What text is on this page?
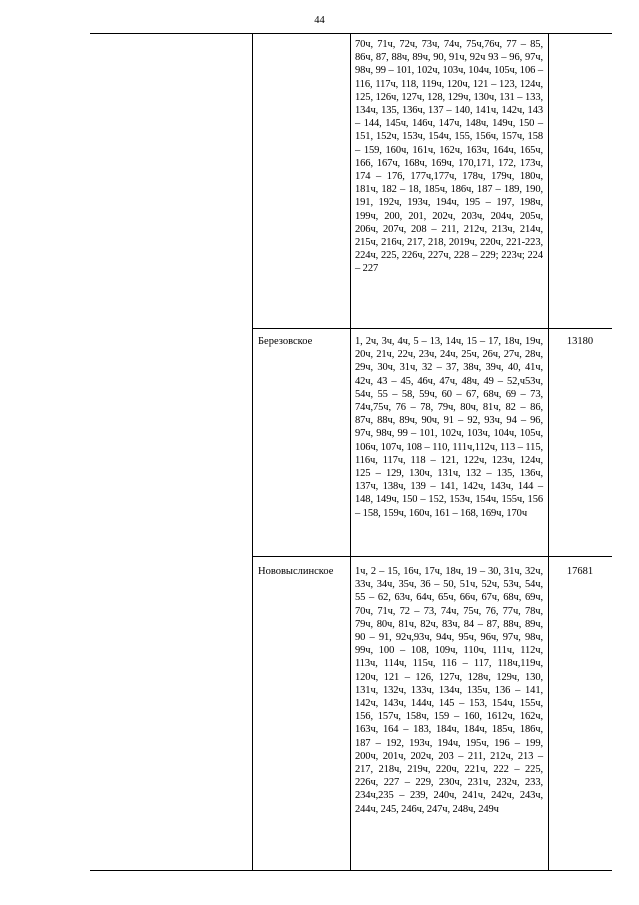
44
70ч, 71ч, 72ч, 73ч, 74ч, 75ч,76ч, 77 – 85, 86ч, 87, 88ч, 89ч, 90, 91ч, 92ч 93 – 96, 97ч, 98ч, 99 – 101, 102ч, 103ч, 104ч, 105ч, 106 – 116, 117ч, 118, 119ч, 120ч, 121 – 123, 124ч, 125, 126ч, 127ч, 128, 129ч, 130ч, 131 – 133, 134ч, 135, 136ч, 137 – 140, 141ч, 142ч, 143 – 144, 145ч, 146ч, 147ч, 148ч, 149ч, 150 – 151, 152ч, 153ч, 154ч, 155, 156ч, 157ч, 158 – 159, 160ч, 161ч, 162ч, 163ч, 164ч, 165ч, 166, 167ч, 168ч, 169ч, 170,171, 172, 173ч, 174 – 176, 177ч,177ч, 178ч, 179ч, 180ч, 181ч, 182 – 18, 185ч, 186ч, 187 – 189, 190, 191, 192ч, 193ч, 194ч, 195 – 197, 198ч, 199ч, 200, 201, 202ч, 203ч, 204ч, 205ч, 206ч, 207ч, 208 – 211, 212ч, 213ч, 214ч, 215ч, 216ч, 217, 218, 2019ч, 220ч, 221-223, 224ч, 225, 226ч, 227ч, 228 – 229; 223ч; 224 – 227
Березовское	1, 2ч, 3ч, 4ч, 5 – 13, 14ч, 15 – 17, 18ч, 19ч, 20ч, 21ч, 22ч, 23ч, 24ч, 25ч, 26ч, 27ч, 28ч, 29ч, 30ч, 31ч, 32 – 37, 38ч, 39ч, 40, 41ч, 42ч, 43 – 45, 46ч, 47ч, 48ч, 49 – 52,ч53ч, 54ч, 55 – 58, 59ч, 60 – 67, 68ч, 69 – 73, 74ч,75ч, 76 – 78, 79ч, 80ч, 81ч, 82 – 86, 87ч, 88ч, 89ч, 90ч, 91 – 92, 93ч, 94 – 96, 97ч, 98ч, 99 – 101, 102ч, 103ч, 104ч, 105ч, 106ч, 107ч, 108 – 110, 111ч,112ч, 113 – 115, 116ч, 117ч, 118 – 121, 122ч, 123ч, 124ч, 125 – 129, 130ч, 131ч, 132 – 135, 136ч, 137ч, 138ч, 139 – 141, 142ч, 143ч, 144 – 148, 149ч, 150 – 152, 153ч, 154ч, 155ч, 156 – 158, 159ч, 160ч, 161 – 168, 169ч, 170ч
13180
Нововыслинское	1ч, 2 – 15, 16ч, 17ч, 18ч, 19 – 30, 31ч, 32ч, 33ч, 34ч, 35ч, 36 – 50, 51ч, 52ч, 53ч, 54ч, 55 – 62, 63ч, 64ч, 65ч, 66ч, 67ч, 68ч, 69ч, 70ч, 71ч, 72 – 73, 74ч, 75ч, 76, 77ч, 78ч, 79ч, 80ч, 81ч, 82ч, 83ч, 84 – 87, 88ч, 89ч, 90 – 91, 92ч,93ч, 94ч, 95ч, 96ч, 97ч, 98ч, 99ч, 100 – 108, 109ч, 110ч, 111ч, 112ч, 113ч, 114ч, 115ч, 116 – 117, 118ч,119ч, 120ч, 121 – 126, 127ч, 128ч, 129ч, 130, 131ч, 132ч, 133ч, 134ч, 135ч, 136 – 141, 142ч, 143ч, 144ч, 145 – 153, 154ч, 155ч, 156, 157ч, 158ч, 159 – 160, 1612ч, 162ч, 163ч, 164 – 183, 184ч, 184ч, 185ч, 186ч, 187 – 192, 193ч, 194ч, 195ч, 196 – 199, 200ч, 201ч, 202ч, 203 – 211, 212ч, 213 – 217, 218ч, 219ч, 220ч, 221ч, 222 – 225, 226ч, 227 – 229, 230ч, 231ч, 232ч, 233, 234ч,235 – 239, 240ч, 241ч, 242ч, 243ч, 244ч, 245, 246ч, 247ч, 248ч, 249ч
17681
